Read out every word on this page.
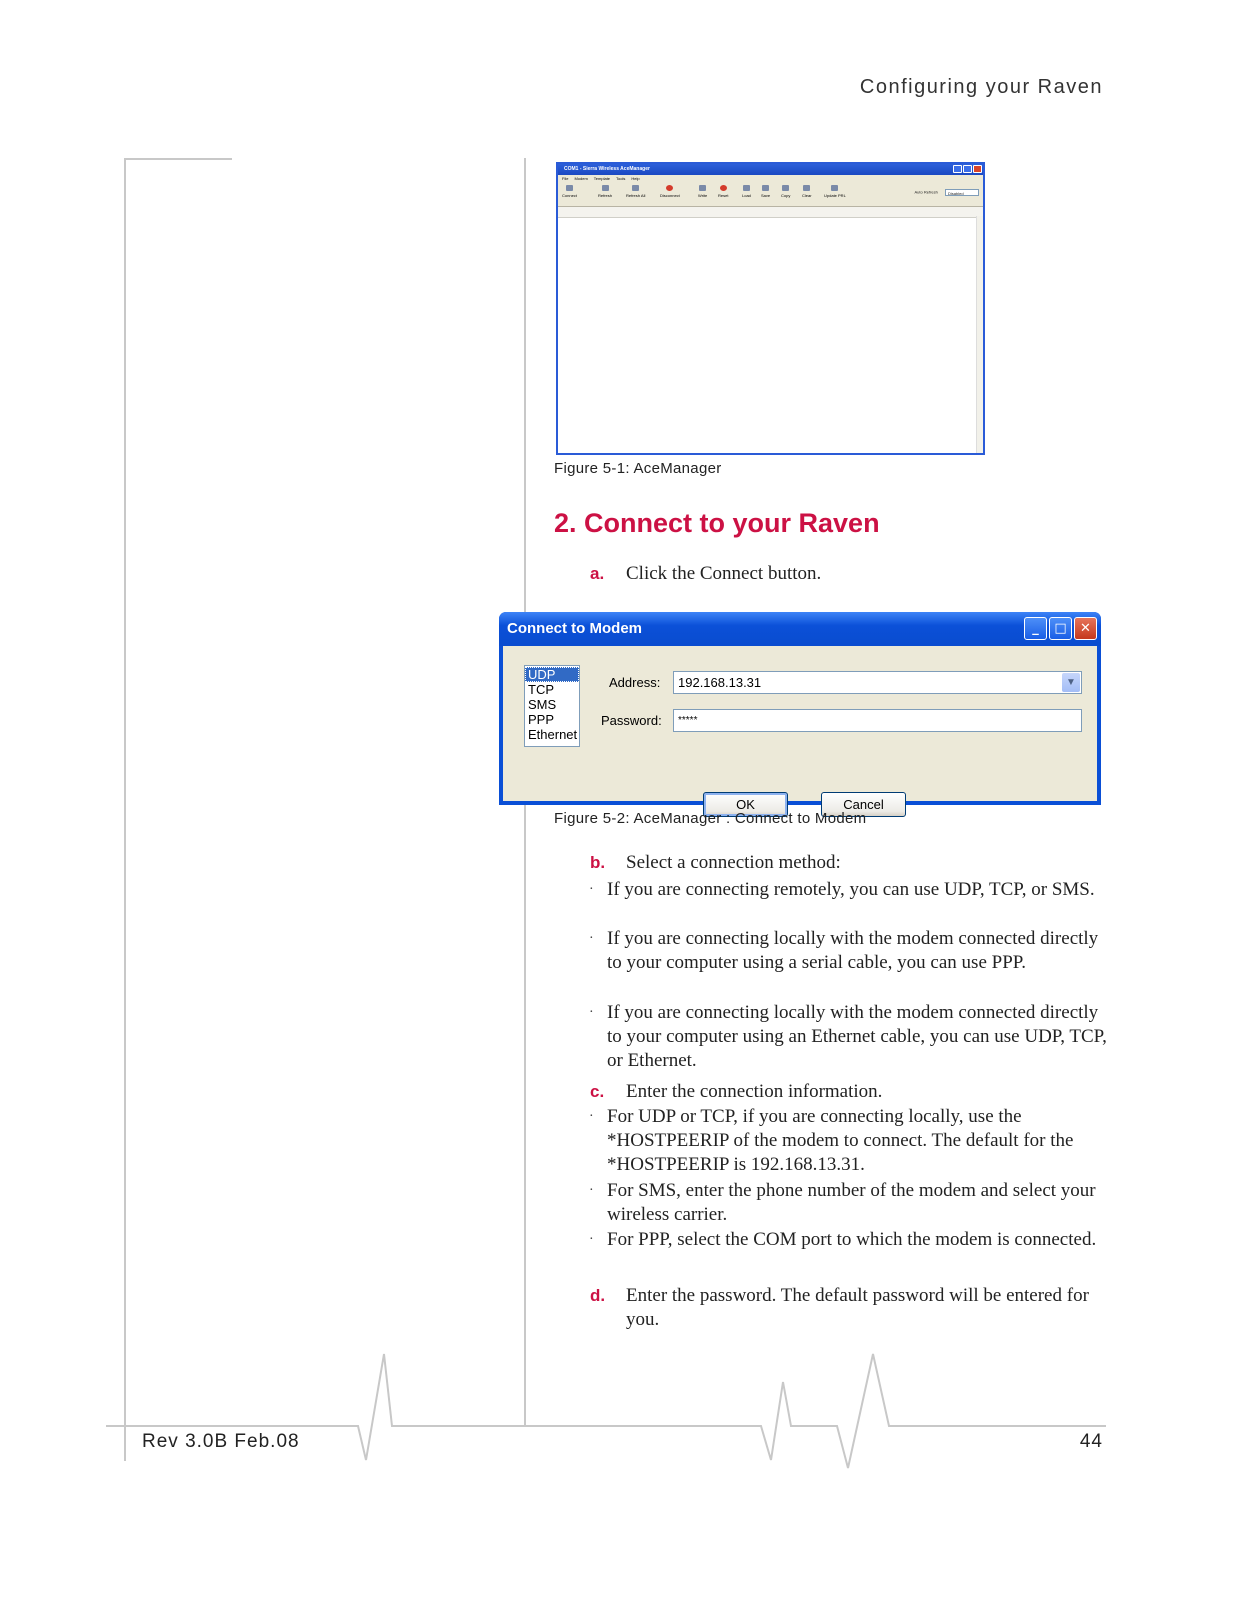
Configuring your Raven
COM1 - Sierra Wireless AceManager
File Modem Template Tools Help
Connect	Refresh	Refresh All	Disconnect	Write	Reset	Load	Save	Copy	Clear	Update PRL
Auto Refresh	Disabled
Figure 5-1: AceManager
2. Connect to your Raven
a. Click the Connect button.
Connect to Modem	_	□	✕
UDP
TCP
SMS
PPP
Ethernet
Address:	192.168.13.31	▼
Password:	*****
OK	Cancel
Figure 5-2: AceManager : Connect to Modem
b. Select a connection method:
· If you are connecting remotely, you can use UDP, TCP, or SMS.
· If you are connecting locally with the modem connected directly to your computer using a serial cable, you can use PPP.
· If you are connecting locally with the modem connected directly to your computer using an Ethernet cable, you can use UDP, TCP, or Ethernet.
c. Enter the connection information.
· For UDP or TCP, if you are connecting locally, use the *HOSTPEERIP of the modem to connect. The default for the *HOSTPEERIP is 192.168.13.31.
· For SMS, enter the phone number of the modem and select your wireless carrier.
· For PPP, select the COM port to which the modem is connected.
d. Enter the password. The default password will be entered for you.
Rev 3.0B Feb.08	44
